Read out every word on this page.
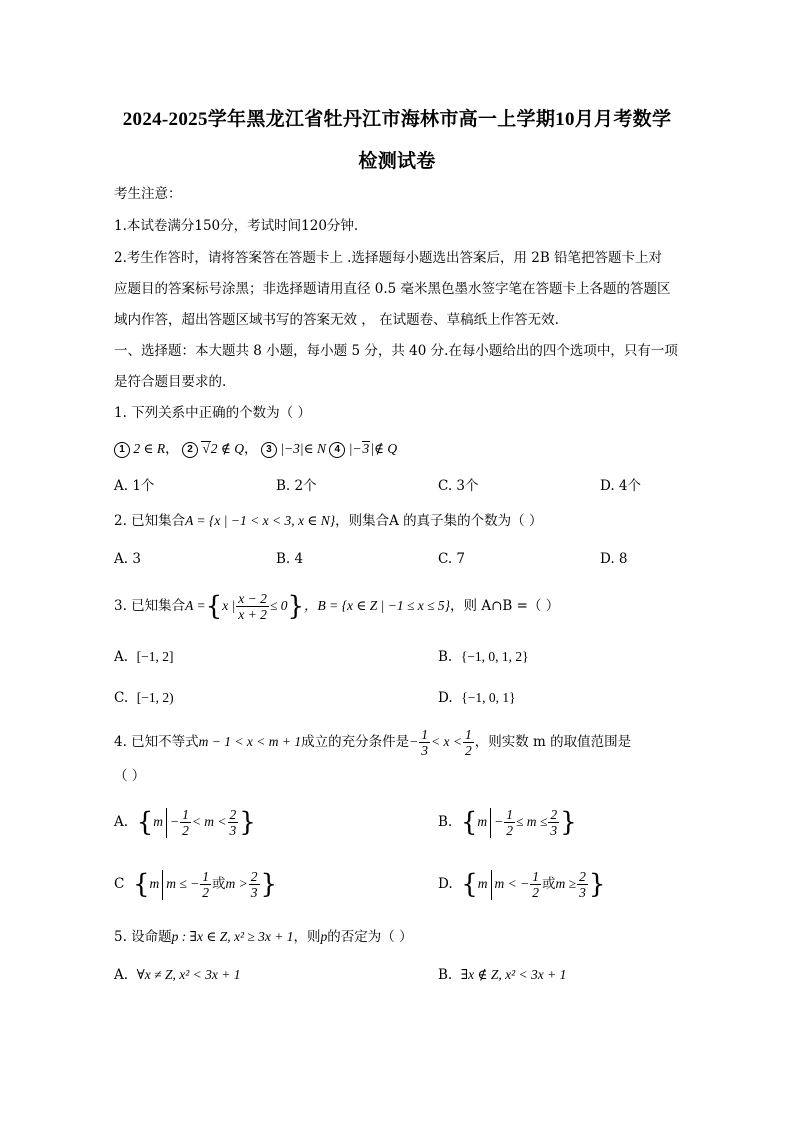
2024-2025学年黑龙江省牡丹江市海林市高一上学期10月月考数学
检测试卷
考生注意：
1.本试卷满分150分，考试时间120分钟.
2.考生作答时，请将答案答在答题卡上 .选择题每小题选出答案后，用 2B 铅笔把答题卡上对
应题目的答案标号涂黑；非选择题请用直径 0.5 毫米黑色墨水签字笔在答题卡上各题的答题区
域内作答，超出答题区域书写的答案无效 ， 在试题卷、草稿纸上作答无效.
一、选择题：本大题共 8 小题，每小题 5 分，共 40 分.在每小题给出的四个选项中，只有一项
是符合题目要求的.
1. 下列关系中正确的个数为（ ）
1 2 ∈ R， 2 √2 ∉ Q， 3 |−3|∈ N 4 |−3|∉ Q
A. 1个	B. 2个	C. 3个	D. 4个
2. 已知集合A = {x | −1 < x < 3, x ∈ N}，则集合A 的真子集的个数为（ ）
A. 3	B. 4	C. 7	D. 8
3. 已知集合A ={x | $\frac{x - 2}{x + 2} \le 0$}，B = {x ∈ Z | −1 ≤ x ≤ 5}，则 A∩B =（ ）
A. [−1, 2]	B. {−1, 0, 1, 2}
C. [−1, 2)	D. {−1, 0, 1}
4. 已知不等式m − 1 < x < m + 1成立的充分条件是− $\frac{1}{3} < x < \frac{1}{2}$ ，则实数 m 的取值范围是
（ ）
A. {$m - \frac{1}{2} < m < \frac{2}{3}$ }	B. {$m - \frac{1}{2} \le m \le \frac{2}{3}$ }
C {m m ≤ − $\frac{1}{2}$ 或$m > \frac{2}{3}$ }	D. {m m < − $\frac{1}{2}$ 或$m \ge \frac{2}{3}$ }
5. 设命题p : ∃x ∈ Z, x² ≥ 3x + 1，则p的否定为（ ）
A. ∀x ≠ Z, x² < 3x + 1	B. ∃x ∉ Z, x² < 3x + 1
